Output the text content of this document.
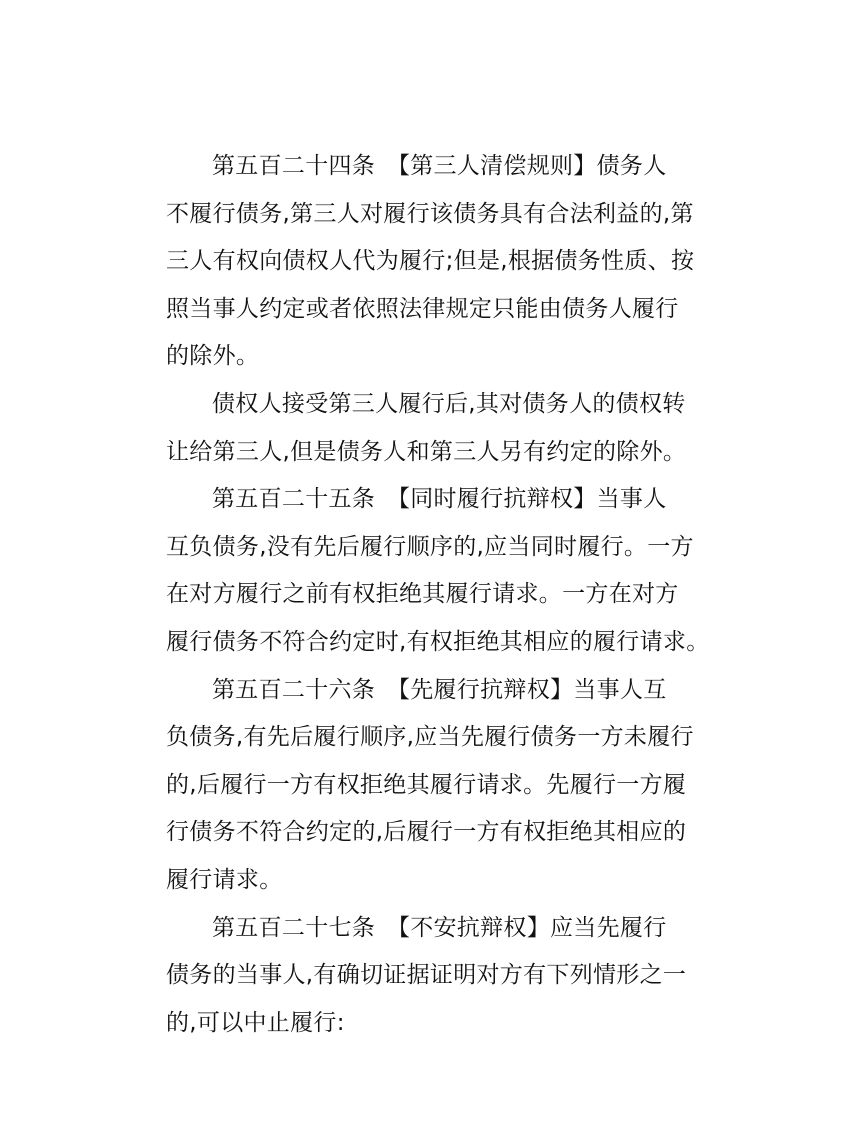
第五百二十四条　【第三人清偿规则】债务人
不履行债务,第三人对履行该债务具有合法利益的,第
三人有权向债权人代为履行;但是,根据债务性质、按
照当事人约定或者依照法律规定只能由债务人履行
的除外。
债权人接受第三人履行后,其对债务人的债权转
让给第三人,但是债务人和第三人另有约定的除外。
第五百二十五条　【同时履行抗辩权】当事人
互负债务,没有先后履行顺序的,应当同时履行。一方
在对方履行之前有权拒绝其履行请求。一方在对方
履行债务不符合约定时,有权拒绝其相应的履行请求。
第五百二十六条　【先履行抗辩权】当事人互
负债务,有先后履行顺序,应当先履行债务一方未履行
的,后履行一方有权拒绝其履行请求。先履行一方履
行债务不符合约定的,后履行一方有权拒绝其相应的
履行请求。
第五百二十七条　【不安抗辩权】应当先履行
债务的当事人,有确切证据证明对方有下列情形之一
的,可以中止履行:
